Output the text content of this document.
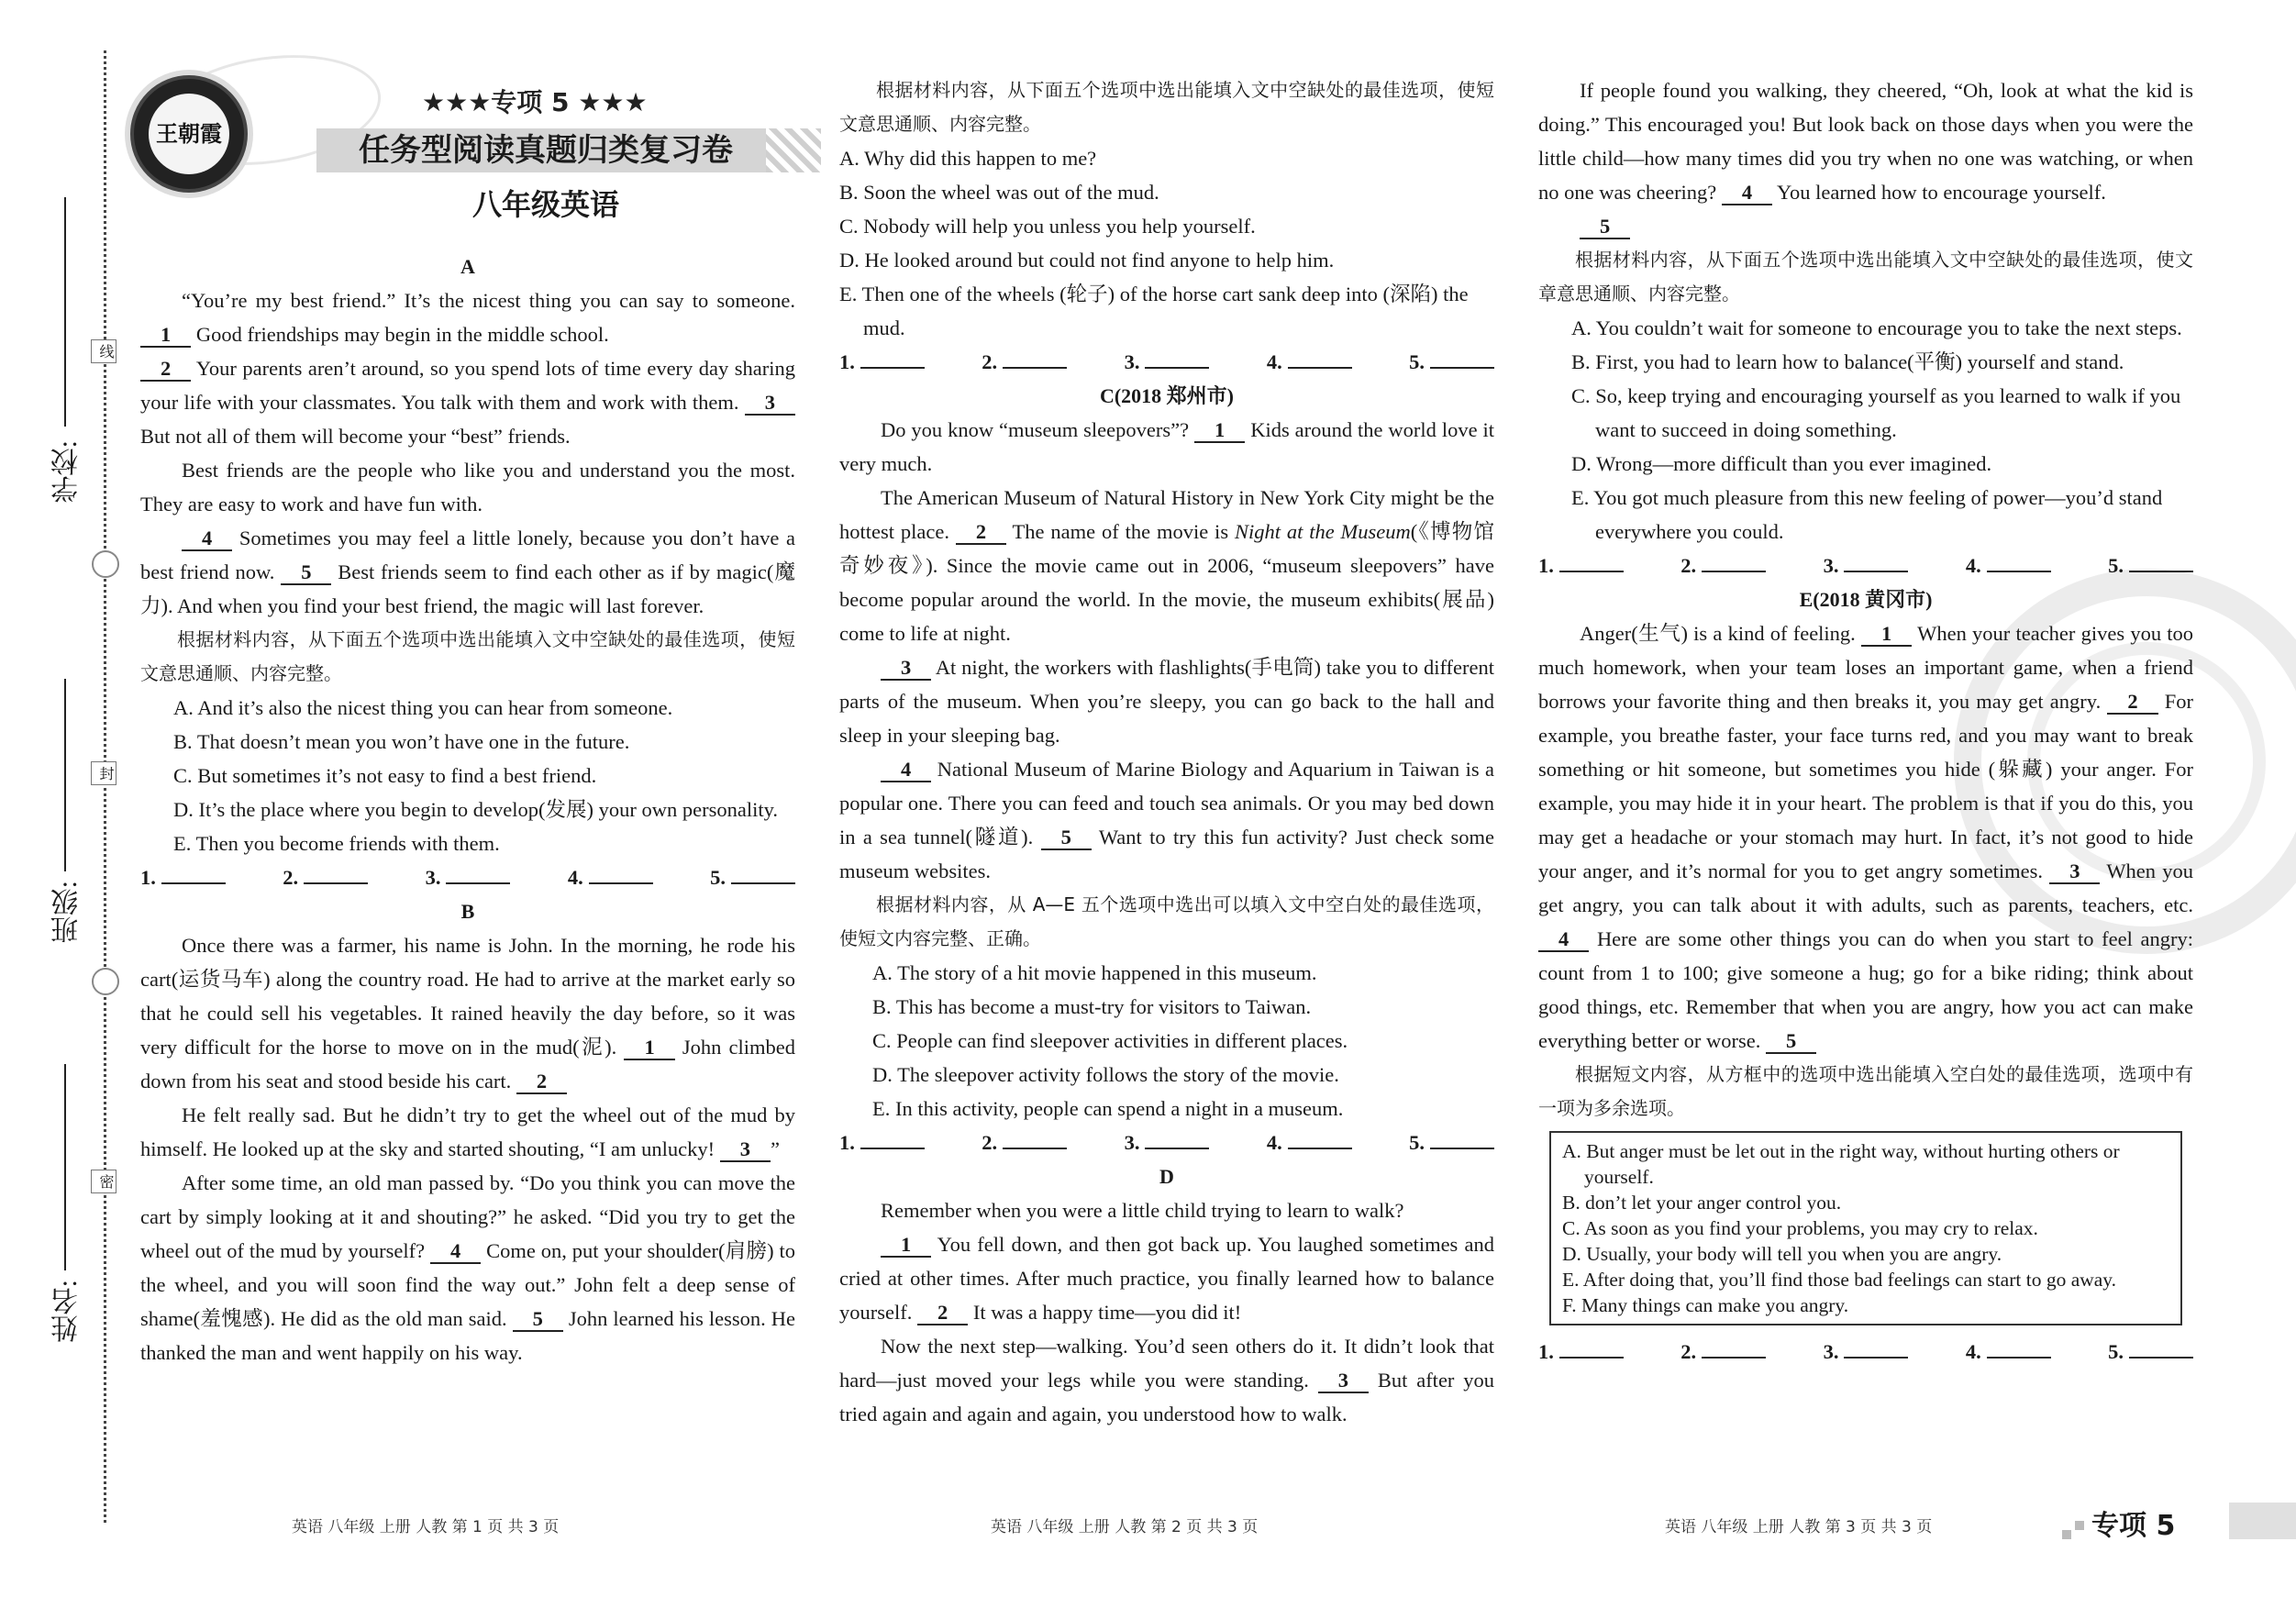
学校:
班级:
姓名:
线
封
密
王朝霞
★★★专项 5 ★★★
任务型阅读真题归类复习卷
八年级英语
A

“You’re my best friend.” It’s the nicest thing you can say to someone. 1 Good friendships may begin in the middle school.

2 Your parents aren’t around, so you spend lots of time every day sharing your life with your classmates. You talk with them and work with them. 3 But not all of them will become your “best” friends.

Best friends are the people who like you and understand you the most. They are easy to work and have fun with.

4 Sometimes you may feel a little lonely, because you don’t have a best friend now. 5 Best friends seem to find each other as if by magic(魔力). And when you find your best friend, the magic will last forever.

根据材料内容，从下面五个选项中选出能填入文中空缺处的最佳选项，使短文意思通顺、内容完整。

A. And it’s also the nicest thing you can hear from someone.
B. That doesn’t mean you won’t have one in the future.
C. But sometimes it’s not easy to find a best friend.
D. It’s the place where you begin to develop(发展) your own personality.
E. Then you become friends with them.
1.	2.	3.	4.	5.
B

Once there was a farmer, his name is John. In the morning, he rode his cart(运货马车) along the country road. He had to arrive at the market early so that he could sell his vegetables. It rained heavily the day before, so it was very difficult for the horse to move on in the mud(泥). 1 John climbed down from his seat and stood beside his cart. 2

He felt really sad. But he didn’t try to get the wheel out of the mud by himself. He looked up at the sky and started shouting, “I am unlucky! 3 ”

After some time, an old man passed by. “Do you think you can move the cart by simply looking at it and shouting?” he asked. “Did you try to get the wheel out of the mud by yourself? 4 Come on, put your shoulder(肩膀) to the wheel, and you will soon find the way out.” John felt a deep sense of shame(羞愧感). He did as the old man said. 5 John learned his lesson. He thanked the man and went happily on his way.

根据材料内容，从下面五个选项中选出能填入文中空缺处的最佳选项，使短文意思通顺、内容完整。

A. Why did this happen to me?
B. Soon the wheel was out of the mud.
C. Nobody will help you unless you help yourself.
D. He looked around but could not find anyone to help him.
E. Then one of the wheels (轮子) of the horse cart sank deep into (深陷) the mud.
1.	2.	3.	4.	5.
C(2018 郑州市)

Do you know “museum sleepovers”? 1 Kids around the world love it very much.

The American Museum of Natural History in New York City might be the hottest place. 2 The name of the movie is Night at the Museum(《博物馆奇妙夜》). Since the movie came out in 2006, “museum sleepovers” have become popular around the world. In the movie, the museum exhibits(展品) come to life at night.

3 At night, the workers with flashlights(手电筒) take you to different parts of the museum. When you’re sleepy, you can go back to the hall and sleep in your sleeping bag.

4 National Museum of Marine Biology and Aquarium in Taiwan is a popular one. There you can feed and touch sea animals. Or you may bed down in a sea tunnel(隧道). 5 Want to try this fun activity? Just check some museum websites.

根据材料内容，从 A—E 五个选项中选出可以填入文中空白处的最佳选项，使短文内容完整、正确。

A. The story of a hit movie happened in this museum.
B. This has become a must-try for visitors to Taiwan.
C. People can find sleepover activities in different places.
D. The sleepover activity follows the story of the movie.
E. In this activity, people can spend a night in a museum.
1.	2.	3.	4.	5.
D

Remember when you were a little child trying to learn to walk?

1 You fell down, and then got back up. You laughed sometimes and cried at other times. After much practice, you finally learned how to balance yourself. 2 It was a happy time—you did it!

Now the next step—walking. You’d seen others do it. It didn’t look that hard—just moved your legs while you were standing. 3 But after you tried again and again and again, you understood how to walk.

If people found you walking, they cheered, “Oh, look at what the kid is doing.” This encouraged you! But look back on those days when you were the little child—how many times did you try when no one was watching, or when no one was cheering? 4 You learned how to encourage yourself.

5

根据材料内容，从下面五个选项中选出能填入文中空缺处的最佳选项，使文章意思通顺、内容完整。

A. You couldn’t wait for someone to encourage you to take the next steps.
B. First, you had to learn how to balance(平衡) yourself and stand.
C. So, keep trying and encouraging yourself as you learned to walk if you want to succeed in doing something.
D. Wrong—more difficult than you ever imagined.
E. You got much pleasure from this new feeling of power—you’d stand everywhere you could.
1.	2.	3.	4.	5.
E(2018 黄冈市)

Anger(生气) is a kind of feeling. 1 When your teacher gives you too much homework, when your team loses an important game, when a friend borrows your favorite thing and then breaks it, you may get angry. 2 For example, you breathe faster, your face turns red, and you may want to break something or hit someone, but sometimes you hide (躲藏) your anger. For example, you may hide it in your heart. The problem is that if you do this, you may get a headache or your stomach may hurt. In fact, it’s not good to hide your anger, and it’s normal for you to get angry sometimes. 3 When you get angry, you can talk about it with adults, such as parents, teachers, etc. 4 Here are some other things you can do when you start to feel angry: count from 1 to 100; give someone a hug; go for a bike riding; think about good things, etc. Remember that when you are angry, how you act can make everything better or worse. 5

根据短文内容，从方框中的选项中选出能填入空白处的最佳选项，选项中有一项为多余选项。

A. But anger must be let out in the right way, without hurting others or yourself.
B. don’t let your anger control you.
C. As soon as you find your problems, you may cry to relax.
D. Usually, your body will tell you when you are angry.
E. After doing that, you’ll find those bad feelings can start to go away.
F. Many things can make you angry.
1.	2.	3.	4.	5.
英语 八年级 上册 人教 第 1 页 共 3 页	英语 八年级 上册 人教 第 2 页 共 3 页	英语 八年级 上册 人教 第 3 页 共 3 页	专项 5
